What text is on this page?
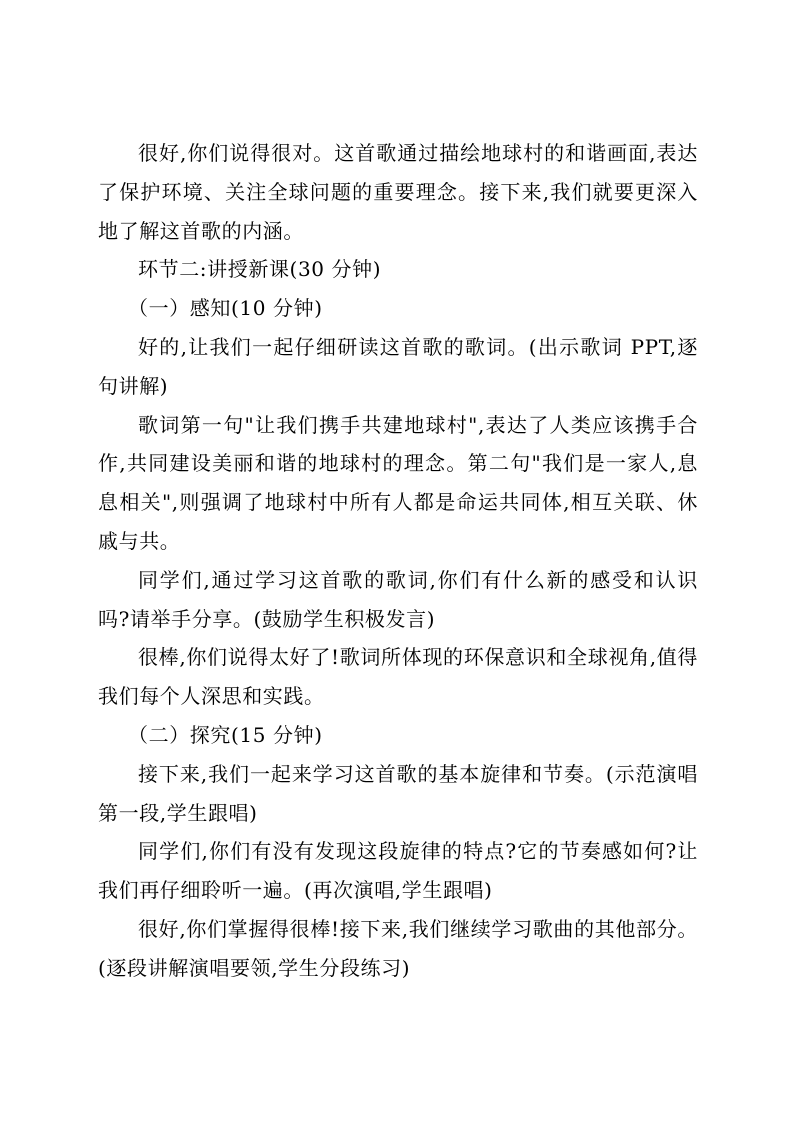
很好,你们说得很对。这首歌通过描绘地球村的和谐画面,表达了保护环境、关注全球问题的重要理念。接下来,我们就要更深入地了解这首歌的内涵。

环节二:讲授新课(30 分钟)

（一）感知(10 分钟)

好的,让我们一起仔细研读这首歌的歌词。(出示歌词 PPT,逐句讲解)

歌词第一句"让我们携手共建地球村",表达了人类应该携手合作,共同建设美丽和谐的地球村的理念。第二句"我们是一家人,息息相关",则强调了地球村中所有人都是命运共同体,相互关联、休戚与共。

同学们,通过学习这首歌的歌词,你们有什么新的感受和认识吗?请举手分享。(鼓励学生积极发言)

很棒,你们说得太好了!歌词所体现的环保意识和全球视角,值得我们每个人深思和实践。

（二）探究(15 分钟)

接下来,我们一起来学习这首歌的基本旋律和节奏。(示范演唱第一段,学生跟唱)

同学们,你们有没有发现这段旋律的特点?它的节奏感如何?让我们再仔细聆听一遍。(再次演唱,学生跟唱)

很好,你们掌握得很棒!接下来,我们继续学习歌曲的其他部分。(逐段讲解演唱要领,学生分段练习)
